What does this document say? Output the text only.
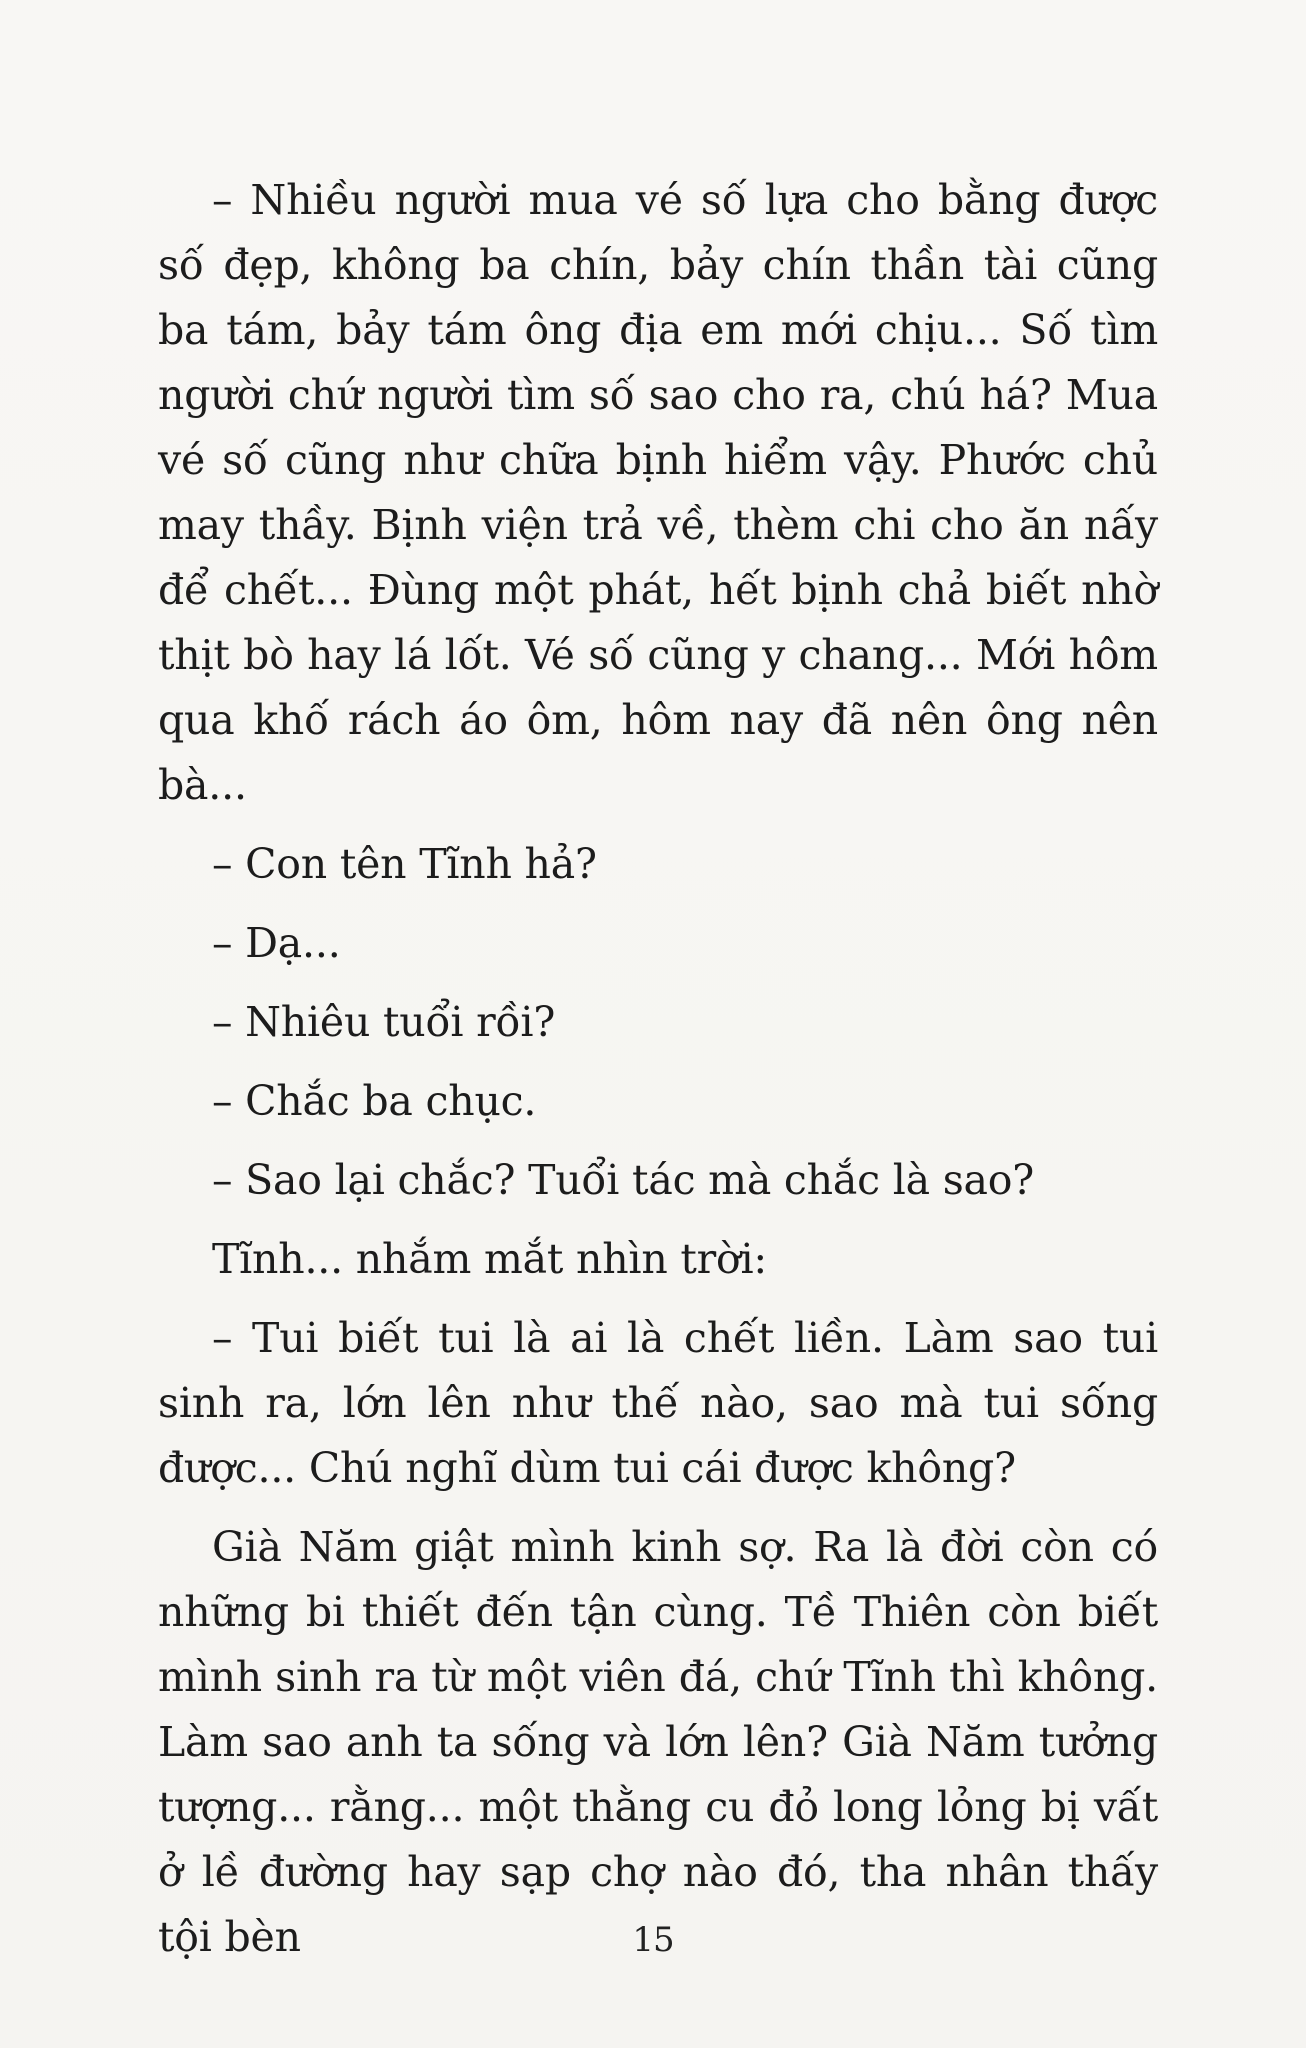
– Nhiều người mua vé số lựa cho bằng được số đẹp, không ba chín, bảy chín thần tài cũng ba tám, bảy tám ông địa em mới chịu... Số tìm người chứ người tìm số sao cho ra, chú há? Mua vé số cũng như chữa bịnh hiểm vậy. Phước chủ may thầy. Bịnh viện trả về, thèm chi cho ăn nấy để chết... Đùng một phát, hết bịnh chả biết nhờ thịt bò hay lá lốt. Vé số cũng y chang... Mới hôm qua khố rách áo ôm, hôm nay đã nên ông nên bà...

– Con tên Tĩnh hả?

– Dạ...

– Nhiêu tuổi rồi?

– Chắc ba chục.

– Sao lại chắc? Tuổi tác mà chắc là sao?

Tĩnh... nhắm mắt nhìn trời:

– Tui biết tui là ai là chết liền. Làm sao tui sinh ra, lớn lên như thế nào, sao mà tui sống được... Chú nghĩ dùm tui cái được không?

Già Năm giật mình kinh sợ. Ra là đời còn có những bi thiết đến tận cùng. Tề Thiên còn biết mình sinh ra từ một viên đá, chứ Tĩnh thì không. Làm sao anh ta sống và lớn lên? Già Năm tưởng tượng... rằng... một thằng cu đỏ long lỏng bị vất ở lề đường hay sạp chợ nào đó, tha nhân thấy tội bèn	15
